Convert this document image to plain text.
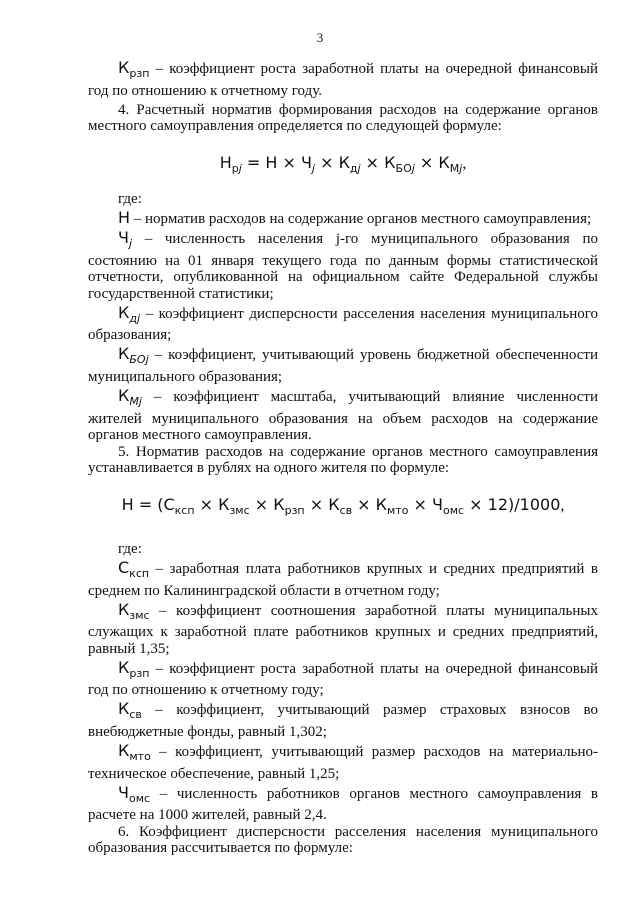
3

$К_{рзп}$ – коэффициент роста заработной платы на очередной финансовый год по отношению к отчетному году.

4. Расчетный норматив формирования расходов на содержание органов местного самоуправления определяется по следующей формуле:

$Н_{рj} = Н \times Ч_j \times К_{дj} \times К_{БОj} \times К_{Мj}$,

где:

Н – норматив расходов на содержание органов местного самоуправления;

$Ч_j$ – численность населения j-го муниципального образования по состоянию на 01 января текущего года по данным формы статистической отчетности, опубликованной на официальном сайте Федеральной службы государственной статистики;

$К_{дj}$ – коэффициент дисперсности расселения населения муниципального образования;

$К_{БОj}$ – коэффициент, учитывающий уровень бюджетной обеспеченности муниципального образования;

$К_{Мj}$ – коэффициент масштаба, учитывающий влияние численности жителей муниципального образования на объем расходов на содержание органов местного самоуправления.

5. Норматив расходов на содержание органов местного самоуправления устанавливается в рублях на одного жителя по формуле:

$Н = (С_{ксп} \times К_{змс} \times К_{рзп} \times К_{св} \times К_{мто} \times Ч_{омс} \times 12)/1000$,

где:

$С_{ксп}$ – заработная плата работников крупных и средних предприятий в среднем по Калининградской области в отчетном году;

$К_{змс}$ – коэффициент соотношения заработной платы муниципальных служащих к заработной плате работников крупных и средних предприятий, равный 1,35;

$К_{рзп}$ – коэффициент роста заработной платы на очередной финансовый год по отношению к отчетному году;

$К_{св}$ – коэффициент, учитывающий размер страховых взносов во внебюджетные фонды, равный 1,302;

$К_{мто}$ – коэффициент, учитывающий размер расходов на материально-техническое обеспечение, равный 1,25;

$Ч_{омс}$ – численность работников органов местного самоуправления в расчете на 1000 жителей, равный 2,4.

6. Коэффициент дисперсности расселения населения муниципального образования рассчитывается по формуле:
